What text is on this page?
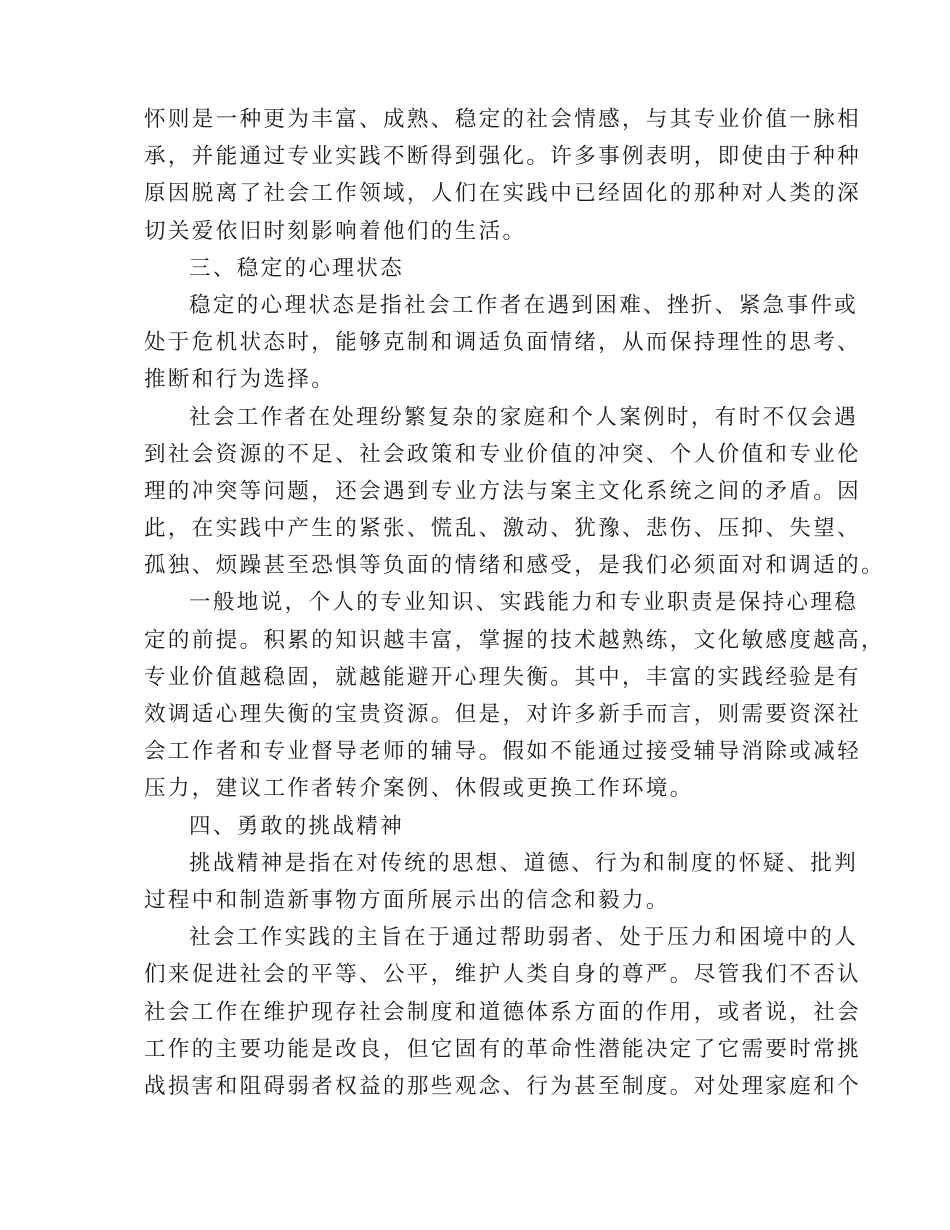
怀则是一种更为丰富、成熟、稳定的社会情感，与其专业价值一脉相
承，并能通过专业实践不断得到强化。许多事例表明，即使由于种种
原因脱离了社会工作领域，人们在实践中已经固化的那种对人类的深
切关爱依旧时刻影响着他们的生活。
三、稳定的心理状态
稳定的心理状态是指社会工作者在遇到困难、挫折、紧急事件或
处于危机状态时，能够克制和调适负面情绪，从而保持理性的思考、
推断和行为选择。
社会工作者在处理纷繁复杂的家庭和个人案例时，有时不仅会遇
到社会资源的不足、社会政策和专业价值的冲突、个人价值和专业伦
理的冲突等问题，还会遇到专业方法与案主文化系统之间的矛盾。因
此，在实践中产生的紧张、慌乱、激动、犹豫、悲伤、压抑、失望、
孤独、烦躁甚至恐惧等负面的情绪和感受，是我们必须面对和调适的。
一般地说，个人的专业知识、实践能力和专业职责是保持心理稳
定的前提。积累的知识越丰富，掌握的技术越熟练，文化敏感度越高，
专业价值越稳固，就越能避开心理失衡。其中，丰富的实践经验是有
效调适心理失衡的宝贵资源。但是，对许多新手而言，则需要资深社
会工作者和专业督导老师的辅导。假如不能通过接受辅导消除或减轻
压力，建议工作者转介案例、休假或更换工作环境。
四、勇敢的挑战精神
挑战精神是指在对传统的思想、道德、行为和制度的怀疑、批判
过程中和制造新事物方面所展示出的信念和毅力。
社会工作实践的主旨在于通过帮助弱者、处于压力和困境中的人
们来促进社会的平等、公平，维护人类自身的尊严。尽管我们不否认
社会工作在维护现存社会制度和道德体系方面的作用，或者说，社会
工作的主要功能是改良，但它固有的革命性潜能决定了它需要时常挑
战损害和阻碍弱者权益的那些观念、行为甚至制度。对处理家庭和个
